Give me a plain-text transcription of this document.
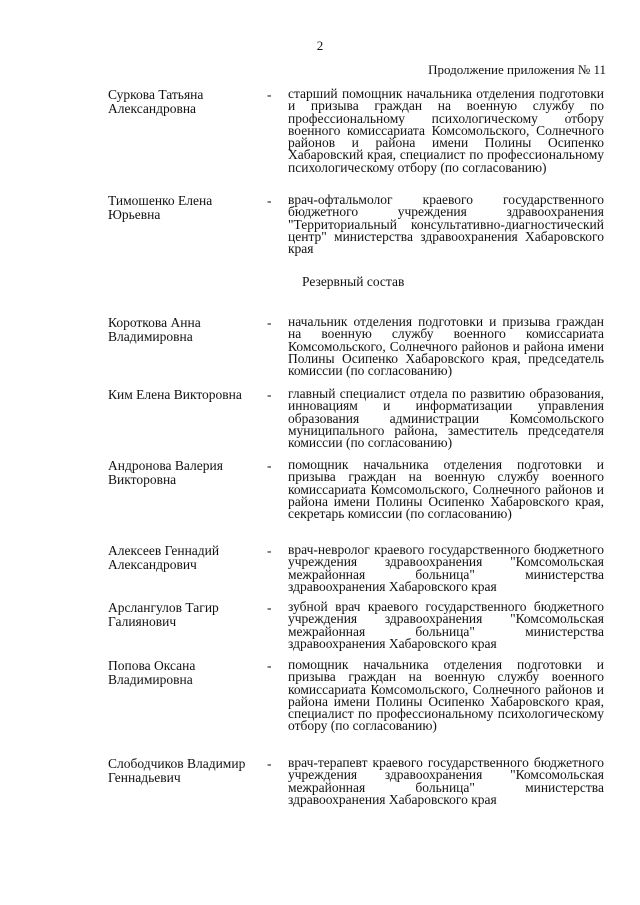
2
Продолжение приложения № 11
Суркова Татьяна Александровна
- старший помощник начальника отделения подготовки и призыва граждан на военную службу по профессиональному психологическому отбору военного комиссариата Комсомольского, Солнечного районов и района имени Полины Осипенко Хабаровский края, специалист по профессиональному психологическому отбору (по согласованию)
Тимошенко Елена Юрьевна
- врач-офтальмолог краевого государственного бюджетного учреждения здравоохранения "Территориальный консультативно-диагностический центр" министерства здравоохранения Хабаровского края
Резервный состав
Короткова Анна Владимировна
- начальник отделения подготовки и призыва граждан на военную службу военного комиссариата Комсомольского, Солнечного районов и района имени Полины Осипенко Хабаровского края, председатель комиссии (по согласованию)
Ким Елена Викторовна	- главный специалист отдела по развитию образования, инновациям и информатизации управления образования администрации Комсомольского муниципального района, заместитель председателя комиссии (по согласованию)
Андронова Валерия Викторовна
- помощник начальника отделения подготовки и призыва граждан на военную службу военного комиссариата Комсомольского, Солнечного районов и района имени Полины Осипенко Хабаровского края, секретарь комиссии (по согласованию)
Алексеев Геннадий Александрович
- врач-невролог краевого государственного бюджетного учреждения здравоохранения "Комсомольская межрайонная больница" министерства здравоохранения Хабаровского края
Арслангулов Тагир Галиянович
- зубной врач краевого государственного бюджетного учреждения здравоохранения "Комсомольская межрайонная больница" министерства здравоохранения Хабаровского края
Попова Оксана Владимировна
- помощник начальника отделения подготовки и призыва граждан на военную службу военного комиссариата Комсомольского, Солнечного районов и района имени Полины Осипенко Хабаровского края, специалист по профессиональному психологическому отбору (по согласованию)
Слободчиков Владимир Геннадьевич
- врач-терапевт краевого государственного бюджетного учреждения здравоохранения "Комсомольская межрайонная больница" министерства здравоохранения Хабаровского края
